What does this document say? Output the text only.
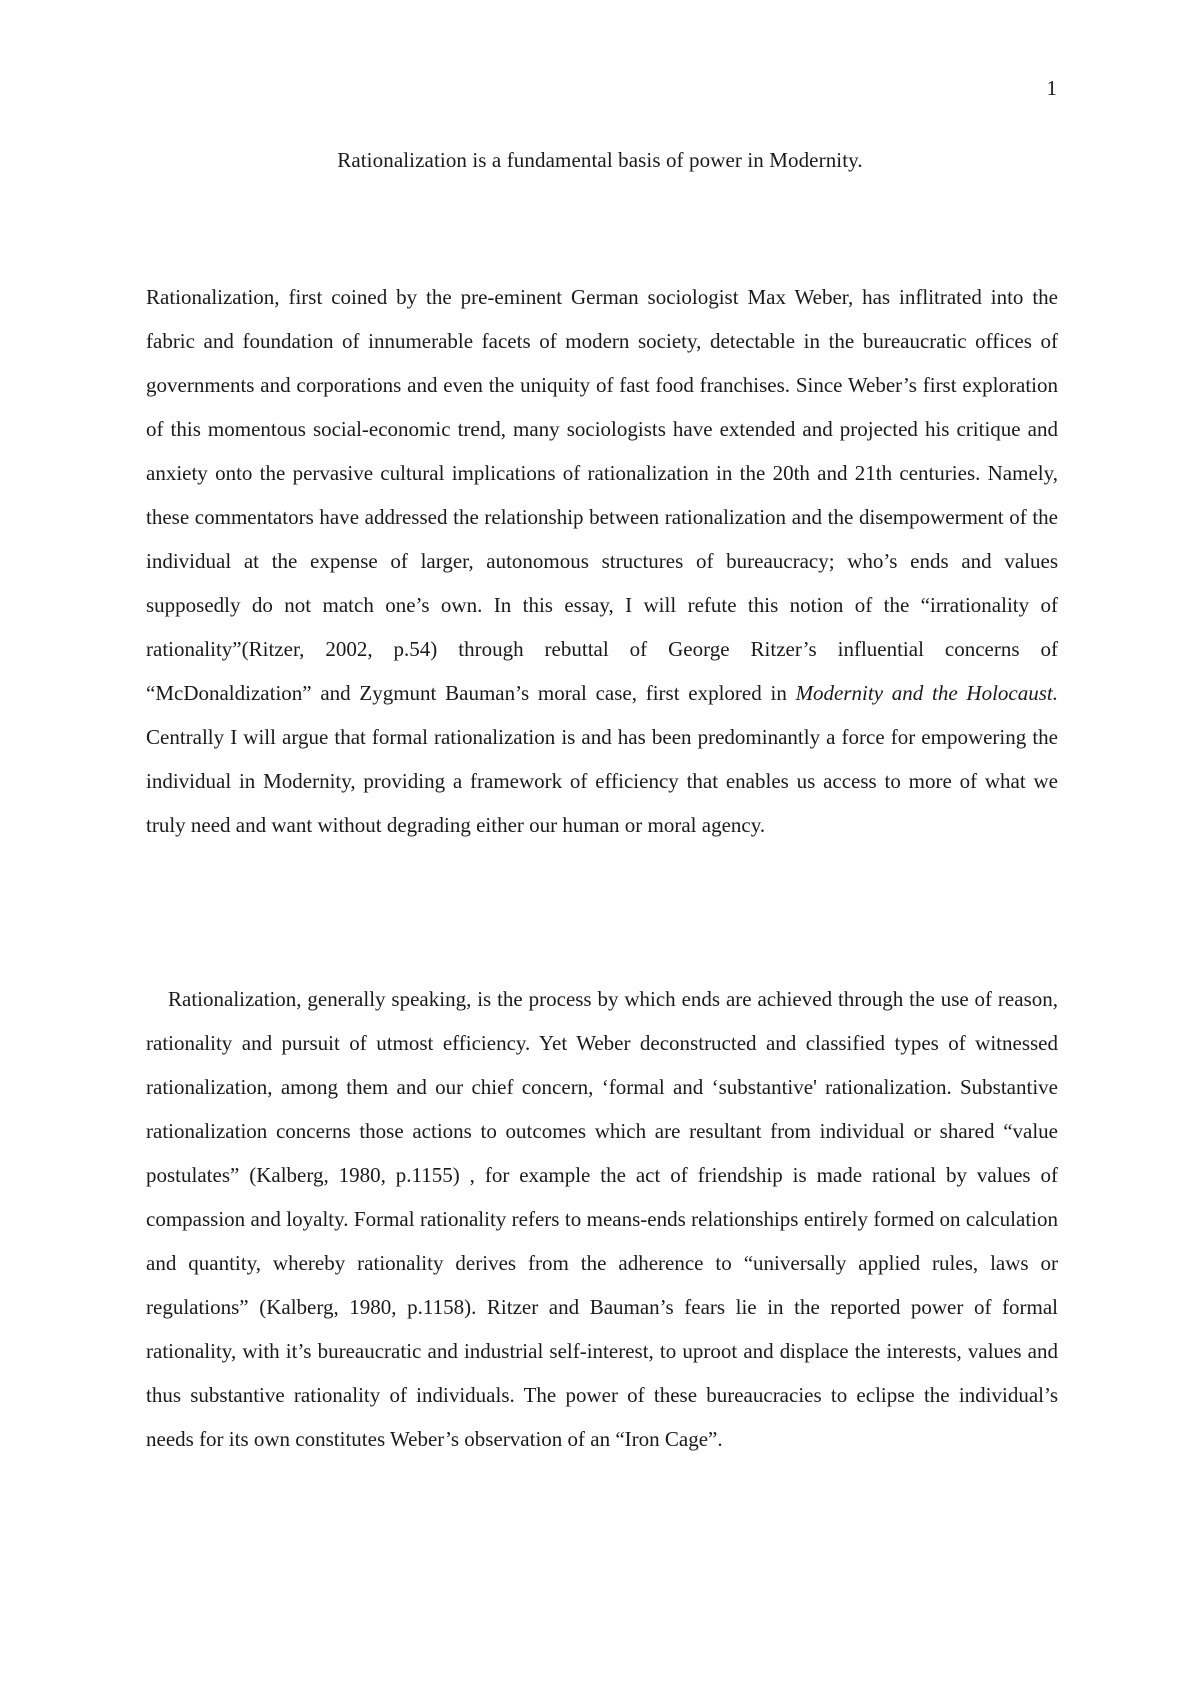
1
Rationalization is a fundamental basis of power in Modernity.

Rationalization, first coined by the pre-eminent German sociologist Max Weber, has inflitrated into the fabric and foundation of innumerable facets of modern society, detectable in the bureaucratic offices of governments and corporations and even the uniquity of fast food franchises. Since Weber’s first exploration of this momentous social-economic trend, many sociologists have extended and projected his critique and anxiety onto the pervasive cultural implications of rationalization in the 20th and 21th centuries. Namely, these commentators have addressed the relationship between rationalization and the disempowerment of the individual at the expense of larger, autonomous structures of bureaucracy; who’s ends and values supposedly do not match one’s own. In this essay, I will refute this notion of the “irrationality of rationality”(Ritzer, 2002, p.54) through rebuttal of George Ritzer’s influential concerns of “McDonaldization” and Zygmunt Bauman’s moral case, first explored in Modernity and the Holocaust. Centrally I will argue that formal rationalization is and has been predominantly a force for empowering the individual in Modernity, providing a framework of efficiency that enables us access to more of what we truly need and want without degrading either our human or moral agency.

Rationalization, generally speaking, is the process by which ends are achieved through the use of reason, rationality and pursuit of utmost efficiency. Yet Weber deconstructed and classified types of witnessed rationalization, among them and our chief concern, ‘formal and ‘substantive' rationalization. Substantive rationalization concerns those actions to outcomes which are resultant from individual or shared “value postulates” (Kalberg, 1980, p.1155) , for example the act of friendship is made rational by values of compassion and loyalty. Formal rationality refers to means-ends relationships entirely formed on calculation and quantity, whereby rationality derives from the adherence to “universally applied rules, laws or regulations” (Kalberg, 1980, p.1158). Ritzer and Bauman’s fears lie in the reported power of formal rationality, with it’s bureaucratic and industrial self-interest, to uproot and displace the interests, values and thus substantive rationality of individuals. The power of these bureaucracies to eclipse the individual’s needs for its own constitutes Weber’s observation of an “Iron Cage”.
